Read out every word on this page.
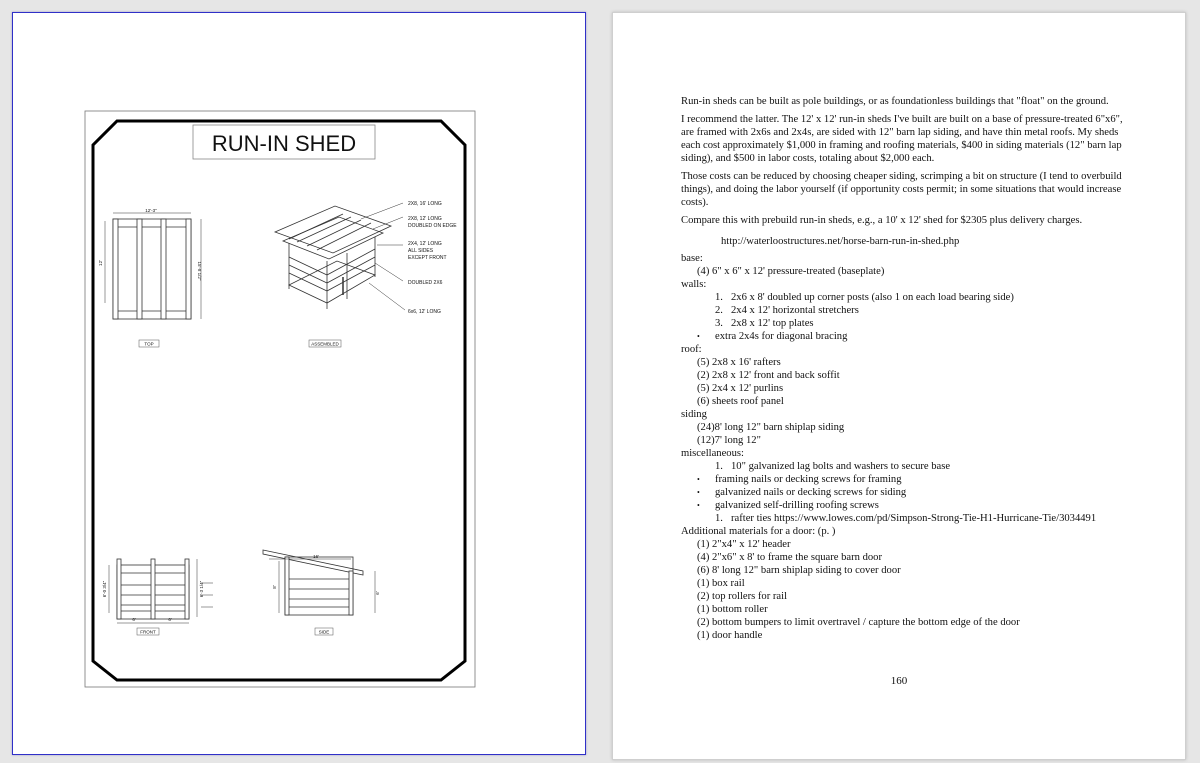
RUN-IN SHED
12'-3"
12'	15'-8 1/2"
TOP
2X8, 16' LONG
2X8, 12' LONG
DOUBLED ON EDGE
2X4, 12' LONG
ALL SIDES
EXCEPT FRONT
DOUBLED 2X6
6x6, 12' LONG
ASSEMBLED
6'-0 3/4"	6'-3 1/4"
6'	6'
FRONT
16'
8'
6'
SIDE

Run-in sheds can be built as pole buildings, or as foundationless buildings that "float" on the ground.

I recommend the latter. The 12' x 12' run-in sheds I've built are built on a base of pressure-treated 6"x6", are framed with 2x6s and 2x4s, are sided with 12" barn lap siding, and have thin metal roofs. My sheds each cost approximately $1,000 in framing and roofing materials, $400 in siding materials (12" barn lap siding), and $500 in labor costs, totaling about $2,000 each.

Those costs can be reduced by choosing cheaper siding, scrimping a bit on structure (I tend to overbuild things), and doing the labor yourself (if opportunity costs permit; in some situations that would increase costs).

Compare this with prebuild run-in sheds, e.g., a 10' x 12' shed for $2305 plus delivery charges.

http://waterloostructures.net/horse-barn-run-in-shed.php
base:
(4) 6" x 6" x 12' pressure-treated (baseplate)
walls:
1. 2x6 x 8' doubled up corner posts (also 1 on each load bearing side)
2. 2x4 x 12' horizontal stretchers
3. 2x8 x 12' top plates
• extra 2x4s for diagonal bracing
roof:
(5) 2x8 x 16' rafters
(2) 2x8 x 12' front and back soffit
(5) 2x4 x 12' purlins
(6) sheets roof panel
siding
(24)8' long 12" barn shiplap siding
(12)7' long 12"
miscellaneous:
1. 10" galvanized lag bolts and washers to secure base
• framing nails or decking screws for framing
• galvanized nails or decking screws for siding
• galvanized self-drilling roofing screws
1. rafter ties https://www.lowes.com/pd/Simpson-Strong-Tie-H1-Hurricane-Tie/3034491
Additional materials for a door: (p. )
(1) 2"x4" x 12' header
(4) 2"x6" x 8' to frame the square barn door
(6) 8' long 12" barn shiplap siding to cover door
(1) box rail
(2) top rollers for rail
(1) bottom roller
(2) bottom bumpers to limit overtravel / capture the bottom edge of the door
(1) door handle
160
